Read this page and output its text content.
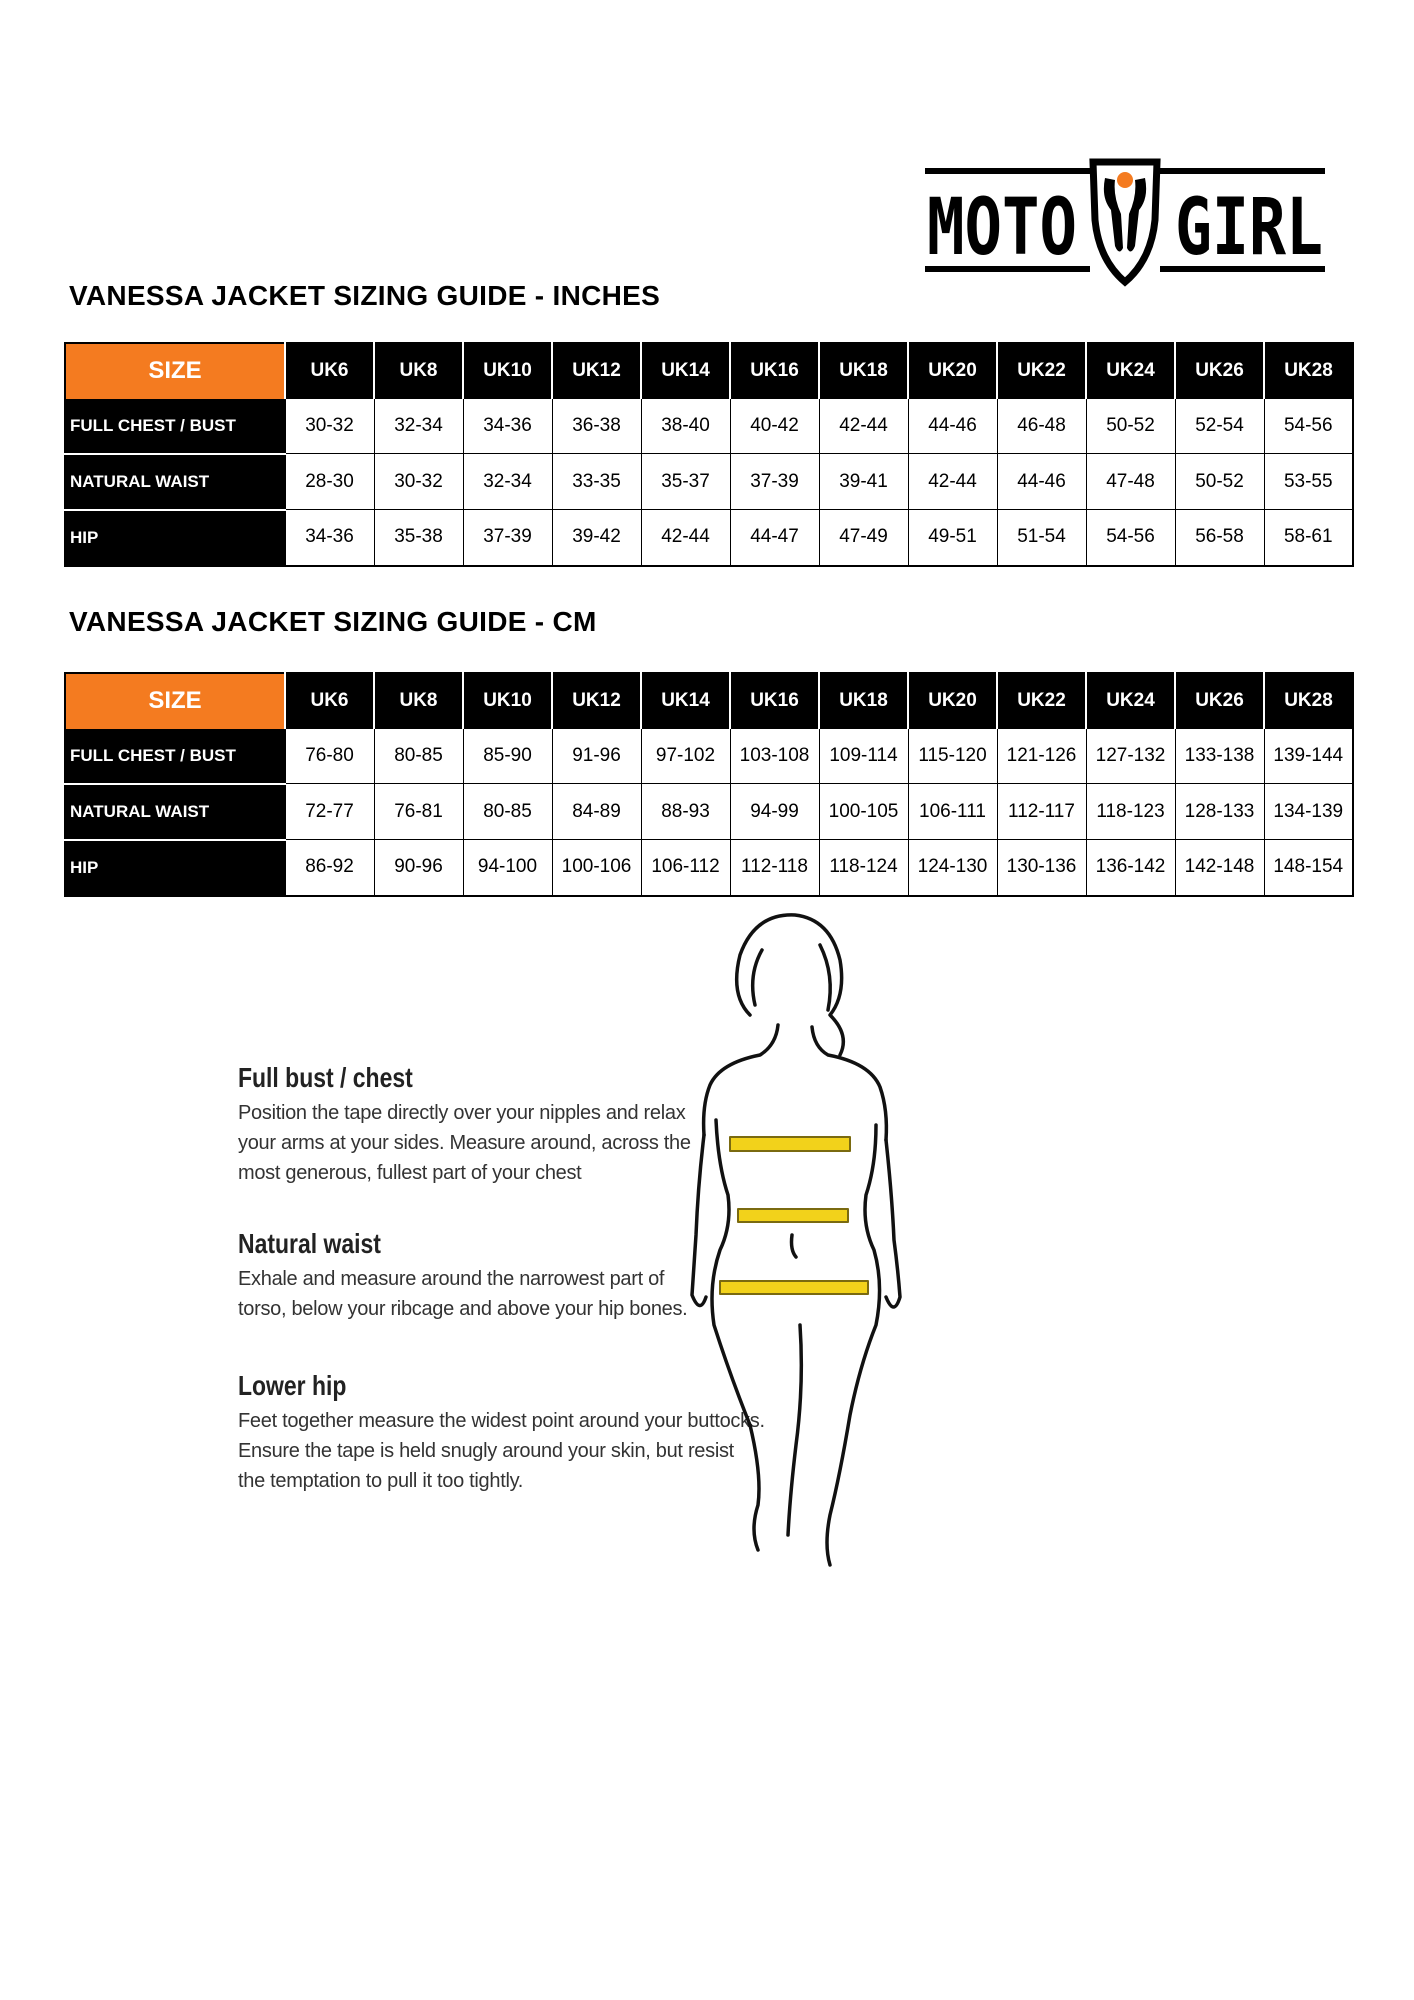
MOTO GIRL
VANESSA JACKET SIZING GUIDE - INCHES
SIZE	UK6	UK8	UK10	UK12	UK14	UK16	UK18	UK20	UK22	UK24	UK26	UK28
FULL CHEST / BUST	30-32	32-34	34-36	36-38	38-40	40-42	42-44	44-46	46-48	50-52	52-54	54-56
NATURAL WAIST	28-30	30-32	32-34	33-35	35-37	37-39	39-41	42-44	44-46	47-48	50-52	53-55
HIP	34-36	35-38	37-39	39-42	42-44	44-47	47-49	49-51	51-54	54-56	56-58	58-61
VANESSA JACKET SIZING GUIDE - CM
SIZE	UK6	UK8	UK10	UK12	UK14	UK16	UK18	UK20	UK22	UK24	UK26	UK28
FULL CHEST / BUST	76-80	80-85	85-90	91-96	97-102	103-108	109-114	115-120	121-126	127-132	133-138	139-144
NATURAL WAIST	72-77	76-81	80-85	84-89	88-93	94-99	100-105	106-111	112-117	118-123	128-133	134-139
HIP	86-92	90-96	94-100	100-106	106-112	112-118	118-124	124-130	130-136	136-142	142-148	148-154
Full bust / chest

Position the tape directly over your nipples and relax

your arms at your sides. Measure around, across the

most generous, fullest part of your chest

Natural waist

Exhale and measure around the narrowest part of

torso, below your ribcage and above your hip bones.

Lower hip

Feet together measure the widest point around your buttocks.

Ensure the tape is held snugly around your skin, but resist

the temptation to pull it too tightly.
